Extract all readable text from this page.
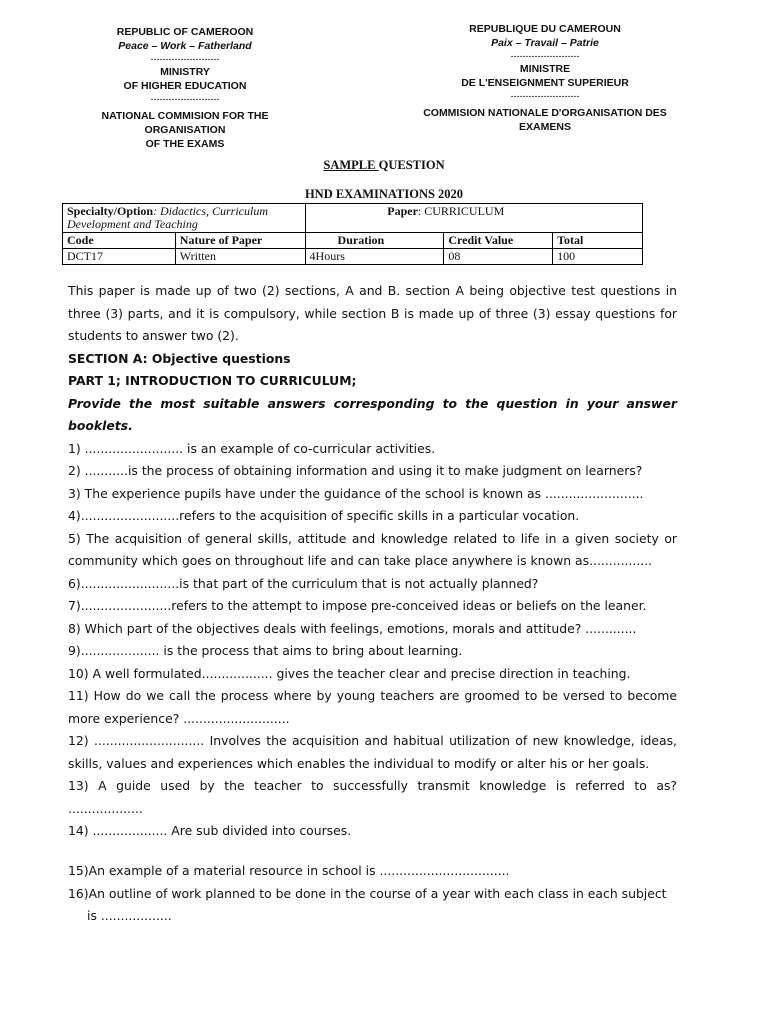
REPUBLIC OF CAMEROON
Peace – Work – Fatherland
-----------------------
MINISTRY
OF HIGHER EDUCATION
-----------------------
NATIONAL COMMISION FOR THE ORGANISATION
OF THE EXAMS
REPUBLIQUE DU CAMEROUN
Paix – Travail – Patrie
-----------------------
MINISTRE
DE L'ENSEIGNMENT SUPERIEUR
-----------------------
COMMISION NATIONALE D'ORGANISATION DES
EXAMENS
SAMPLE QUESTION
HND EXAMINATIONS 2020
Specialty/Option: Didactics, Curriculum Development and Teaching		Paper: CURRICULUM		
Code	Nature of Paper	Duration	Credit Value	Total
DCT17	Written	4Hours	08	100
This paper is made up of two (2) sections, A and B. section A being objective test questions in three (3) parts, and it is compulsory, while section B is made up of three (3) essay questions for students to answer two (2).
SECTION A: Objective questions
PART 1; INTRODUCTION TO CURRICULUM;
Provide the most suitable answers corresponding to the question in your answer booklets.
1) ......................... is an example of co-curricular activities.
2) ...........is the process of obtaining information and using it to make judgment on learners?
3) The experience pupils have under the guidance of the school is known as .........................
4).........................refers to the acquisition of specific skills in a particular vocation.
5) The acquisition of general skills, attitude and knowledge related to life in a given society or community which goes on throughout life and can take place anywhere is known as................
6).........................is that part of the curriculum that is not actually planned?
7).......................refers to the attempt to impose pre-conceived ideas or beliefs on the leaner.
8) Which part of the objectives deals with feelings, emotions, morals and attitude? .............
9).................... is the process that aims to bring about learning.
10) A well formulated.................. gives the teacher clear and precise direction in teaching.
11) How do we call the process where by young teachers are groomed to be versed to become more experience? ...........................
12) ............................ Involves the acquisition and habitual utilization of new knowledge, ideas, skills, values and experiences which enables the individual to modify or alter his or her goals.
13) A guide used by the teacher to successfully transmit knowledge is referred to as? ...................
14) ................... Are sub divided into courses.
15)An example of a material resource in school is .................................
16)An outline of work planned to be done in the course of a year with each class in each subject is ..................
